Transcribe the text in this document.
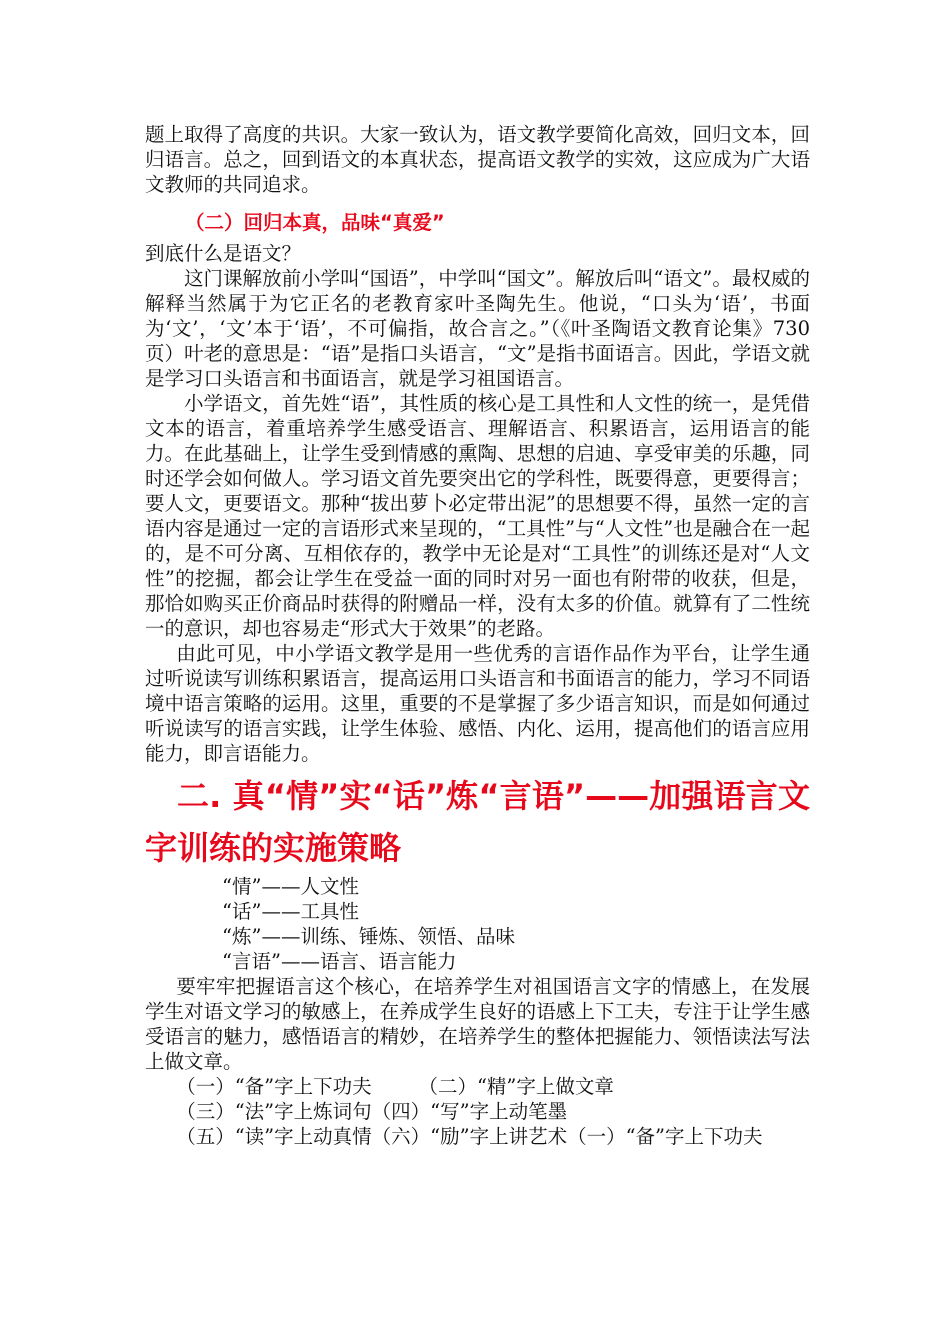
题上取得了高度的共识。大家一致认为，语文教学要简化高效，回归文本，回归语言。总之，回到语文的本真状态，提高语文教学的实效，这应成为广大语文教师的共同追求。

（二）回归本真，品味“真爱”

到底什么是语文？

这门课解放前小学叫“国语”，中学叫“国文”。解放后叫“语文”。最权威的解释当然属于为它正名的老教育家叶圣陶先生。他说，“口头为‘语’，书面为‘文’，‘文’本于‘语’，不可偏指，故合言之。”（《叶圣陶语文教育论集》730页）叶老的意思是：“语”是指口头语言，“文”是指书面语言。因此，学语文就是学习口头语言和书面语言，就是学习祖国语言。

小学语文，首先姓“语”，其性质的核心是工具性和人文性的统一，是凭借文本的语言，着重培养学生感受语言、理解语言、积累语言，运用语言的能力。在此基础上，让学生受到情感的熏陶、思想的启迪、享受审美的乐趣，同时还学会如何做人。学习语文首先要突出它的学科性，既要得意，更要得言；要人文，更要语文。那种“拔出萝卜必定带出泥”的思想要不得，虽然一定的言语内容是通过一定的言语形式来呈现的，“工具性”与“人文性”也是融合在一起的，是不可分离、互相依存的，教学中无论是对“工具性”的训练还是对“人文性”的挖掘，都会让学生在受益一面的同时对另一面也有附带的收获，但是，那恰如购买正价商品时获得的附赠品一样，没有太多的价值。就算有了二性统一的意识，却也容易走“形式大于效果”的老路。

由此可见，中小学语文教学是用一些优秀的言语作品作为平台，让学生通过听说读写训练积累语言，提高运用口头语言和书面语言的能力，学习不同语境中语言策略的运用。这里，重要的不是掌握了多少语言知识，而是如何通过听说读写的语言实践，让学生体验、感悟、内化、运用，提高他们的语言应用能力，即言语能力。

二. 真“情”实“话”炼“言语”——加强语言文字训练的实施策略

“情”——人文性

“话”——工具性

“炼”——训练、锤炼、领悟、品味

“言语”——语言、语言能力

要牢牢把握语言这个核心，在培养学生对祖国语言文字的情感上，在发展学生对语文学习的敏感上，在养成学生良好的语感上下工夫，专注于让学生感受语言的魅力，感悟语言的精妙，在培养学生的整体把握能力、领悟读法写法上做文章。

（一）“备”字上下功夫 （二）“精”字上做文章

（三）“法”字上炼词句（四）“写”字上动笔墨

（五）“读”字上动真情（六）“励”字上讲艺术（一）“备”字上下功夫
